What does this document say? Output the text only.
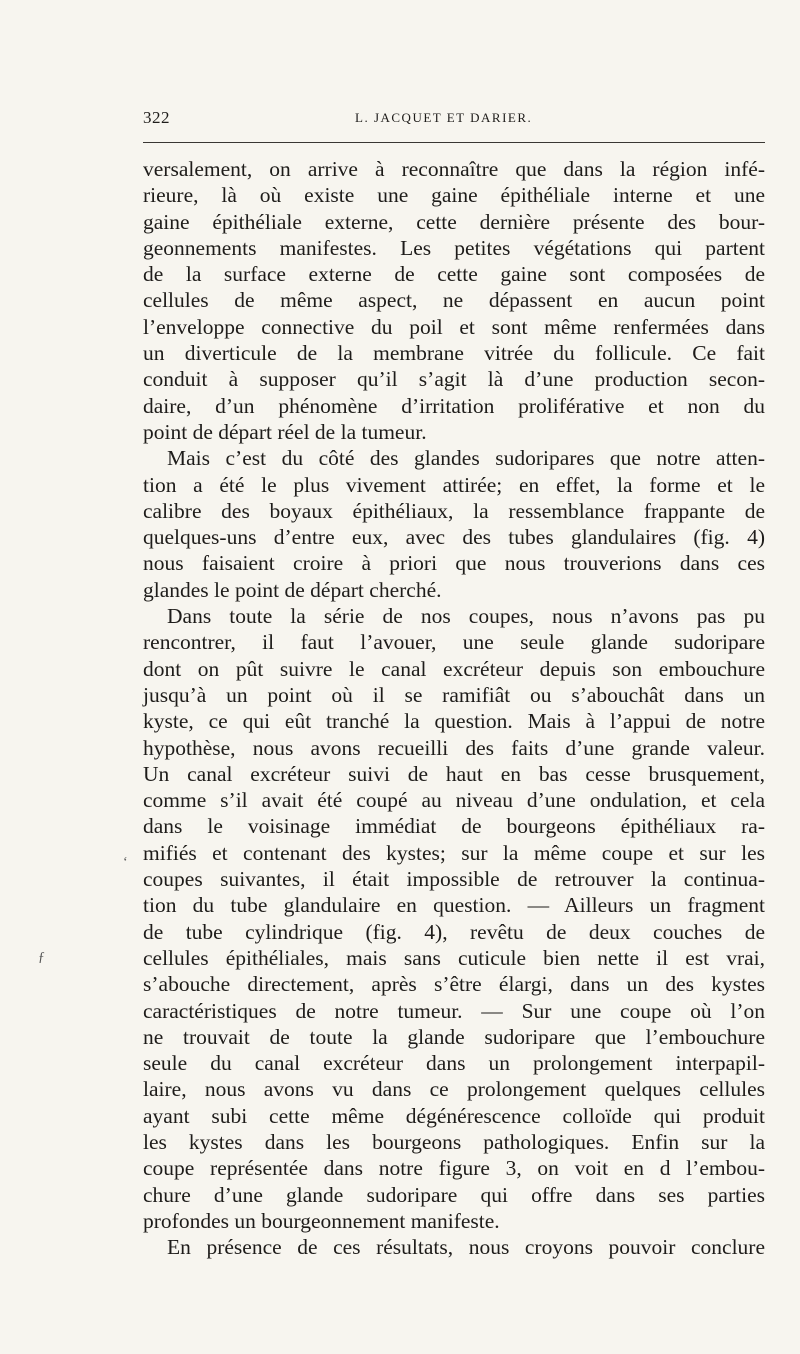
322	L. JACQUET ET DARIER.
versalement, on arrive à reconnaître que dans la région infé-
rieure, là où existe une gaine épithéliale interne et une
gaine épithéliale externe, cette dernière présente des bour-
geonnements manifestes. Les petites végétations qui partent
de la surface externe de cette gaine sont composées de
cellules de même aspect, ne dépassent en aucun point
l’enveloppe connective du poil et sont même renfermées dans
un diverticule de la membrane vitrée du follicule. Ce fait
conduit à supposer qu’il s’agit là d’une production secon-
daire, d’un phénomène d’irritation proliférative et non du
point de départ réel de la tumeur.
Mais c’est du côté des glandes sudoripares que notre atten-
tion a été le plus vivement attirée; en effet, la forme et le
calibre des boyaux épithéliaux, la ressemblance frappante de
quelques-uns d’entre eux, avec des tubes glandulaires (fig. 4)
nous faisaient croire à priori que nous trouverions dans ces
glandes le point de départ cherché.
Dans toute la série de nos coupes, nous n’avons pas pu
rencontrer, il faut l’avouer, une seule glande sudoripare
dont on pût suivre le canal excréteur depuis son embouchure
jusqu’à un point où il se ramifiât ou s’abouchât dans un
kyste, ce qui eût tranché la question. Mais à l’appui de notre
hypothèse, nous avons recueilli des faits d’une grande valeur.
Un canal excréteur suivi de haut en bas cesse brusquement,
comme s’il avait été coupé au niveau d’une ondulation, et cela
dans le voisinage immédiat de bourgeons épithéliaux ra-
mifiés et contenant des kystes; sur la même coupe et sur les
coupes suivantes, il était impossible de retrouver la continua-
tion du tube glandulaire en question. — Ailleurs un fragment
de tube cylindrique (fig. 4), revêtu de deux couches de
cellules épithéliales, mais sans cuticule bien nette il est vrai,
s’abouche directement, après s’être élargi, dans un des kystes
caractéristiques de notre tumeur. — Sur une coupe où l’on
ne trouvait de toute la glande sudoripare que l’embouchure
seule du canal excréteur dans un prolongement interpapil-
laire, nous avons vu dans ce prolongement quelques cellules
ayant subi cette même dégénérescence colloïde qui produit
les kystes dans les bourgeons pathologiques. Enfin sur la
coupe représentée dans notre figure 3, on voit en d l’embou-
chure d’une glande sudoripare qui offre dans ses parties
profondes un bourgeonnement manifeste.
En présence de ces résultats, nous croyons pouvoir conclure
‘
ƒ
